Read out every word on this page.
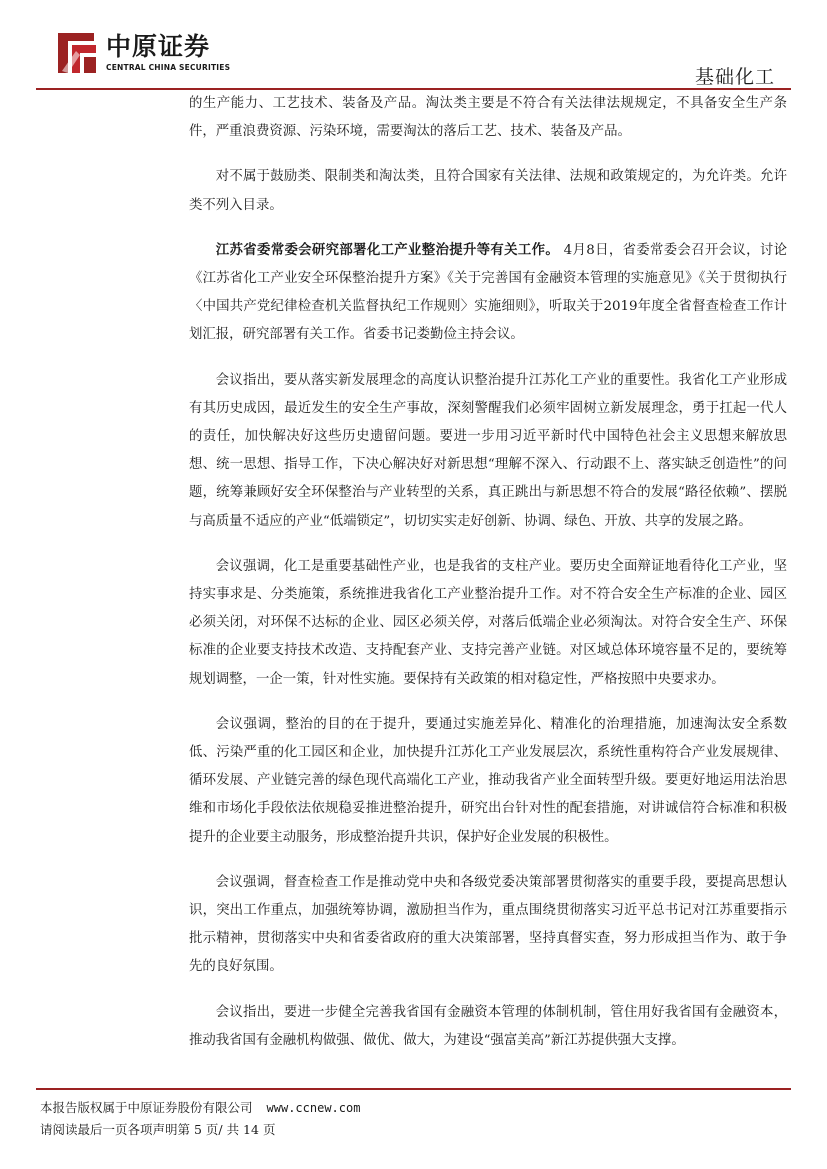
中原证券
CENTRAL CHINA SECURITIES	基础化工

的生产能力、工艺技术、装备及产品。淘汰类主要是不符合有关法律法规规定，不具备安全生产条件，严重浪费资源、污染环境，需要淘汰的落后工艺、技术、装备及产品。

对不属于鼓励类、限制类和淘汰类，且符合国家有关法律、法规和政策规定的，为允许类。允许类不列入目录。

江苏省委常委会研究部署化工产业整治提升等有关工作。 4月8日，省委常委会召开会议，讨论《江苏省化工产业安全环保整治提升方案》《关于完善国有金融资本管理的实施意见》《关于贯彻执行〈中国共产党纪律检查机关监督执纪工作规则〉实施细则》，听取关于2019年度全省督查检查工作计划汇报，研究部署有关工作。省委书记娄勤俭主持会议。

会议指出，要从落实新发展理念的高度认识整治提升江苏化工产业的重要性。我省化工产业形成有其历史成因，最近发生的安全生产事故，深刻警醒我们必须牢固树立新发展理念，勇于扛起一代人的责任，加快解决好这些历史遗留问题。要进一步用习近平新时代中国特色社会主义思想来解放思想、统一思想、指导工作，下决心解决好对新思想“理解不深入、行动跟不上、落实缺乏创造性”的问题，统筹兼顾好安全环保整治与产业转型的关系，真正跳出与新思想不符合的发展“路径依赖”、摆脱与高质量不适应的产业“低端锁定”，切切实实走好创新、协调、绿色、开放、共享的发展之路。

会议强调，化工是重要基础性产业，也是我省的支柱产业。要历史全面辩证地看待化工产业，坚持实事求是、分类施策，系统推进我省化工产业整治提升工作。对不符合安全生产标准的企业、园区必须关闭，对环保不达标的企业、园区必须关停，对落后低端企业必须淘汰。对符合安全生产、环保标准的企业要支持技术改造、支持配套产业、支持完善产业链。对区域总体环境容量不足的，要统筹规划调整，一企一策，针对性实施。要保持有关政策的相对稳定性，严格按照中央要求办。

会议强调，整治的目的在于提升，要通过实施差异化、精准化的治理措施，加速淘汰安全系数低、污染严重的化工园区和企业，加快提升江苏化工产业发展层次，系统性重构符合产业发展规律、循环发展、产业链完善的绿色现代高端化工产业，推动我省产业全面转型升级。要更好地运用法治思维和市场化手段依法依规稳妥推进整治提升，研究出台针对性的配套措施，对讲诚信符合标准和积极提升的企业要主动服务，形成整治提升共识，保护好企业发展的积极性。

会议强调，督查检查工作是推动党中央和各级党委决策部署贯彻落实的重要手段，要提高思想认识，突出工作重点，加强统筹协调，激励担当作为，重点围绕贯彻落实习近平总书记对江苏重要指示批示精神，贯彻落实中央和省委省政府的重大决策部署，坚持真督实查，努力形成担当作为、敢于争先的良好氛围。

会议指出，要进一步健全完善我省国有金融资本管理的体制机制，管住用好我省国有金融资本，推动我省国有金融机构做强、做优、做大，为建设“强富美高”新江苏提供强大支撑。

本报告版权属于中原证券股份有限公司 www.ccnew.com
请阅读最后一页各项声明第 5 页/ 共 14 页
